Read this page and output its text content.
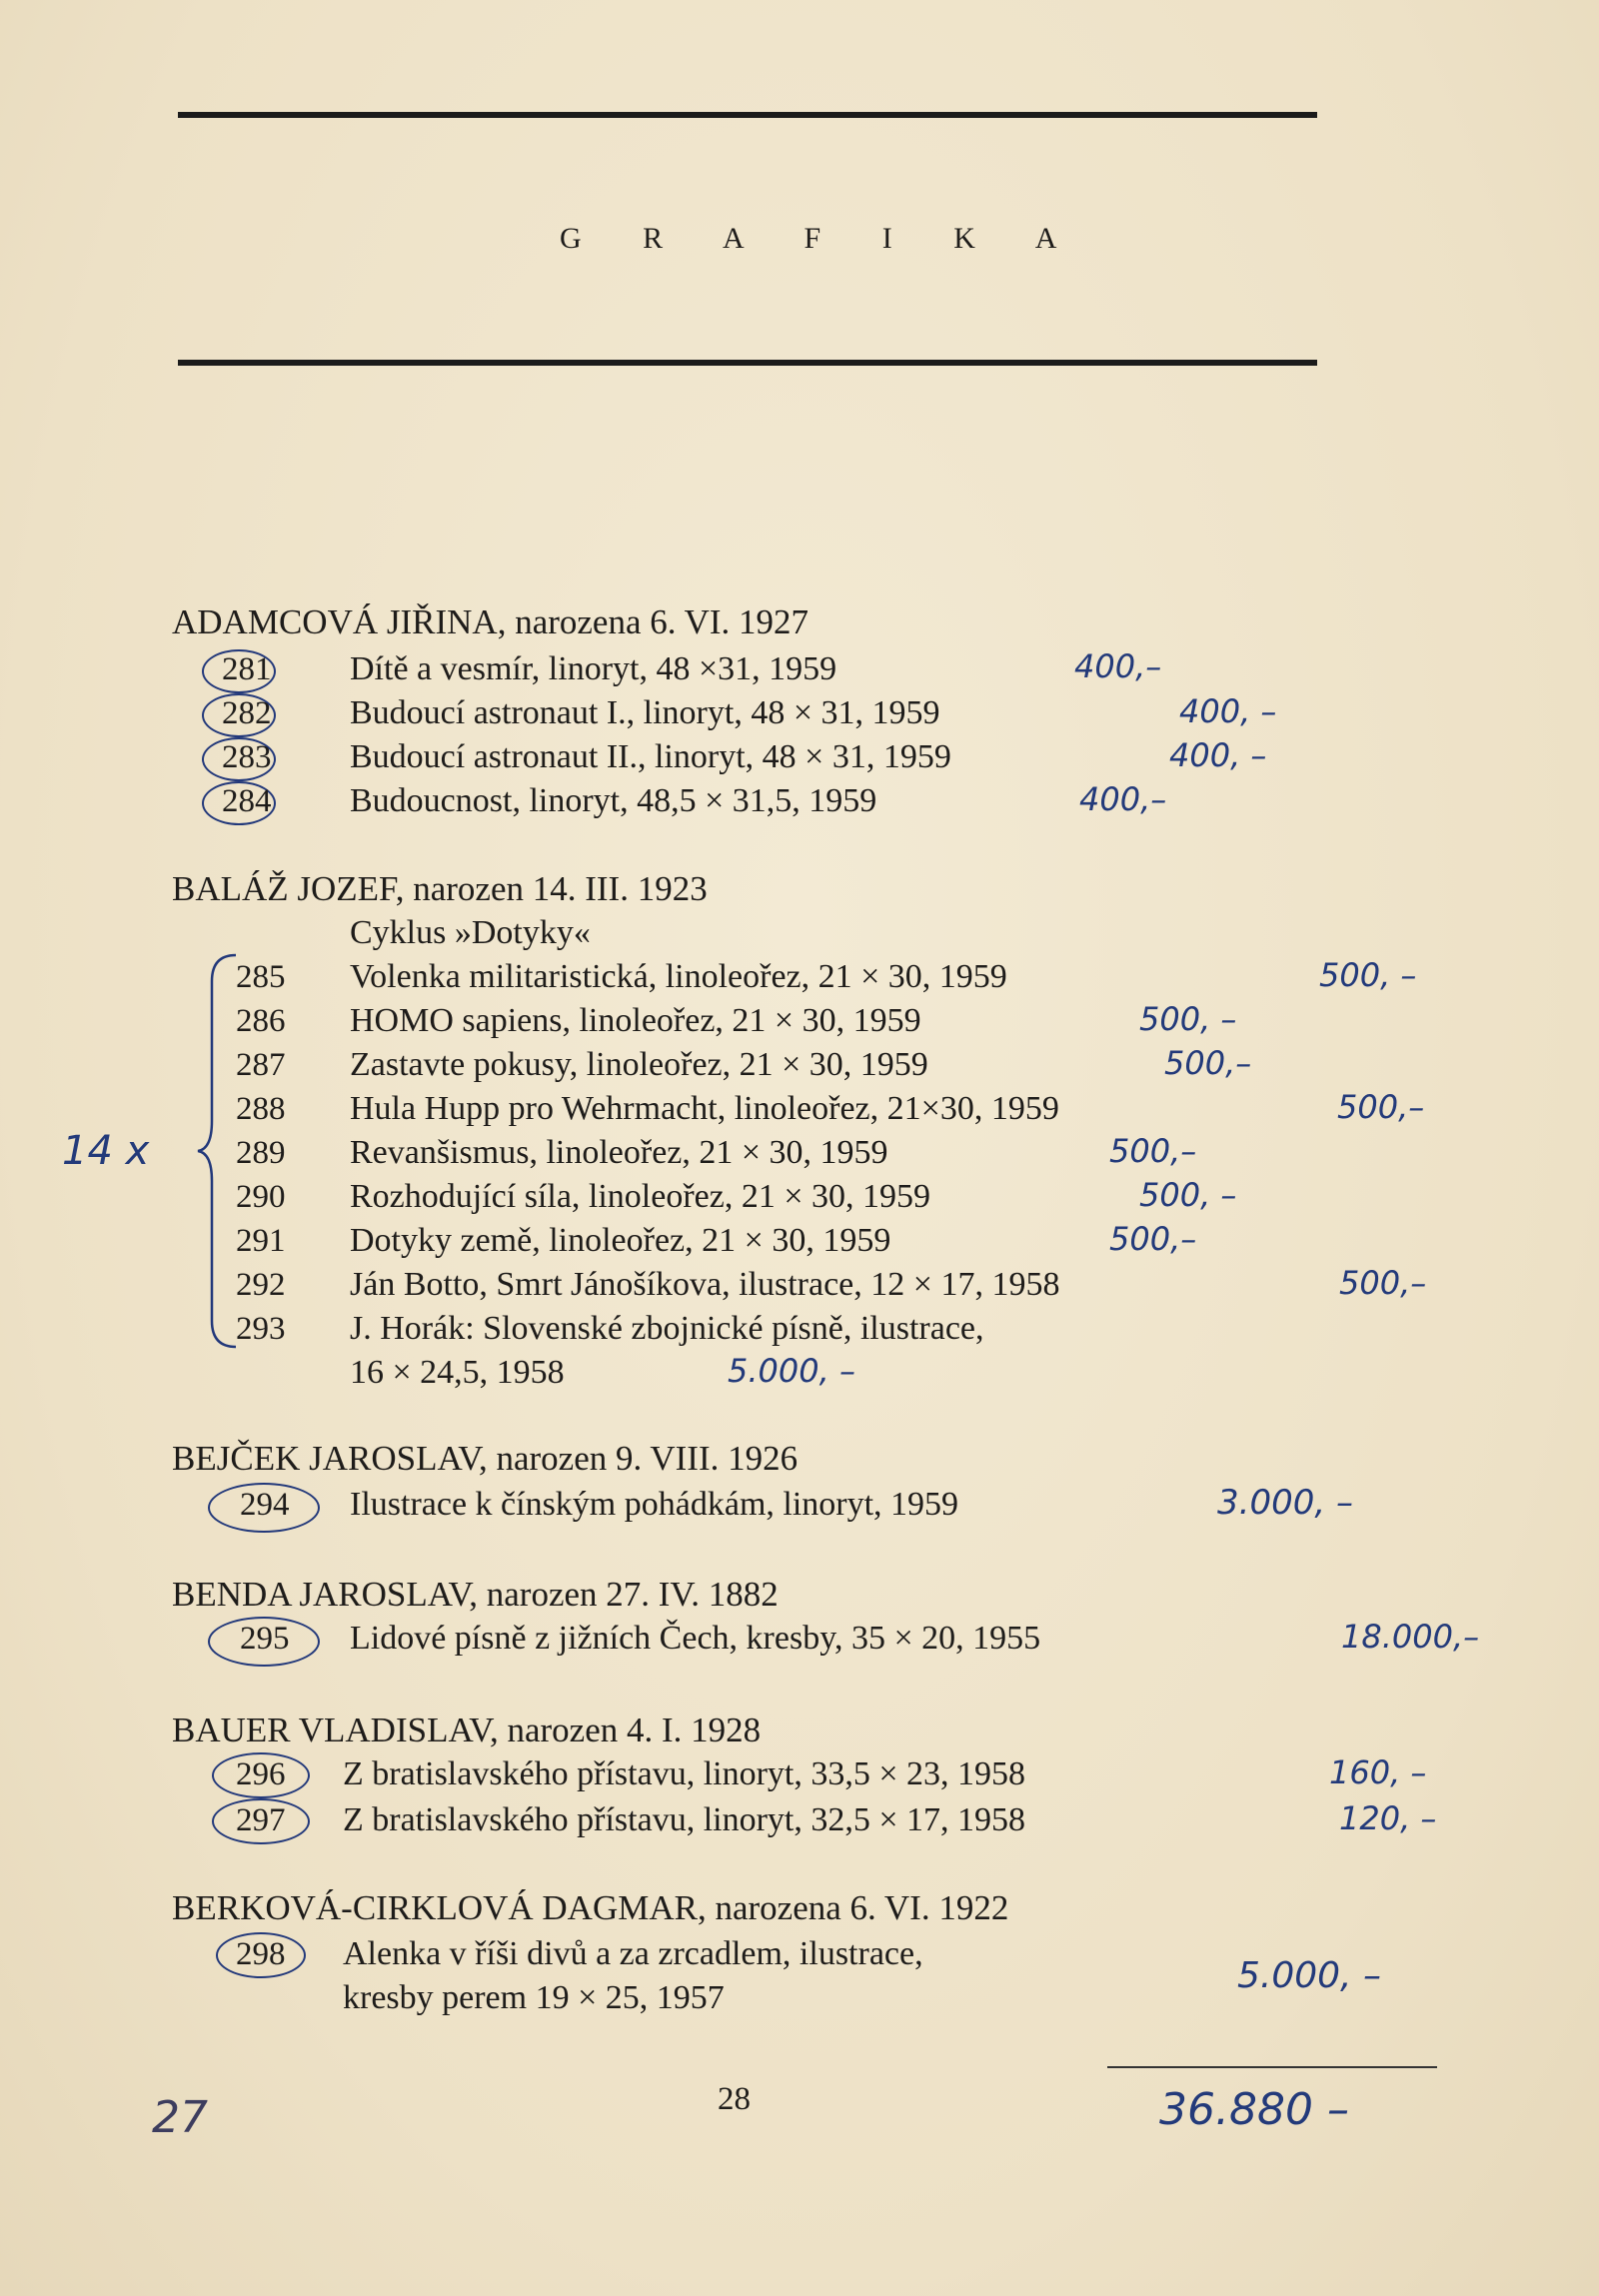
G R A F I K A
ADAMCOVÁ JIŘINA, narozena 6. VI. 1927
281 Dítě a vesmír, linoryt, 48 ×31, 1959	400,–
282 Budoucí astronaut I., linoryt, 48 × 31, 1959	400, –
283 Budoucí astronaut II., linoryt, 48 × 31, 1959	400, –
284 Budoucnost, linoryt, 48,5 × 31,5, 1959	400,–
BALÁŽ JOZEF, narozen 14. III. 1923
Cyklus »Dotyky«
14 x
285 Volenka militaristická, linoleořez, 21 × 30, 1959	500, –
286 HOMO sapiens, linoleořez, 21 × 30, 1959	500, –
287 Zastavte pokusy, linoleořez, 21 × 30, 1959	500,–
288 Hula Hupp pro Wehrmacht, linoleořez, 21×30, 1959	500,–
289 Revanšismus, linoleořez, 21 × 30, 1959	500,–
290 Rozhodující síla, linoleořez, 21 × 30, 1959	500, –
291 Dotyky země, linoleořez, 21 × 30, 1959	500,–
292 Ján Botto, Smrt Jánošíkova, ilustrace, 12 × 17, 1958	500,–
293 J. Horák: Slovenské zbojnické písně, ilustrace,
16 × 24,5, 1958	5.000, –
BEJČEK JAROSLAV, narozen 9. VIII. 1926
294 Ilustrace k čínským pohádkám, linoryt, 1959	3.000, –
BENDA JAROSLAV, narozen 27. IV. 1882
295 Lidové písně z jižních Čech, kresby, 35 × 20, 1955	18.000,–
BAUER VLADISLAV, narozen 4. I. 1928
296 Z bratislavského přístavu, linoryt, 33,5 × 23, 1958	160, –
297 Z bratislavského přístavu, linoryt, 32,5 × 17, 1958	120, –
BERKOVÁ-CIRKLOVÁ DAGMAR, narozena 6. VI. 1922
298 Alenka v říši divů a za zrcadlem, ilustrace,
kresby perem 19 × 25, 1957
5.000, –
28	36.880 –
27
